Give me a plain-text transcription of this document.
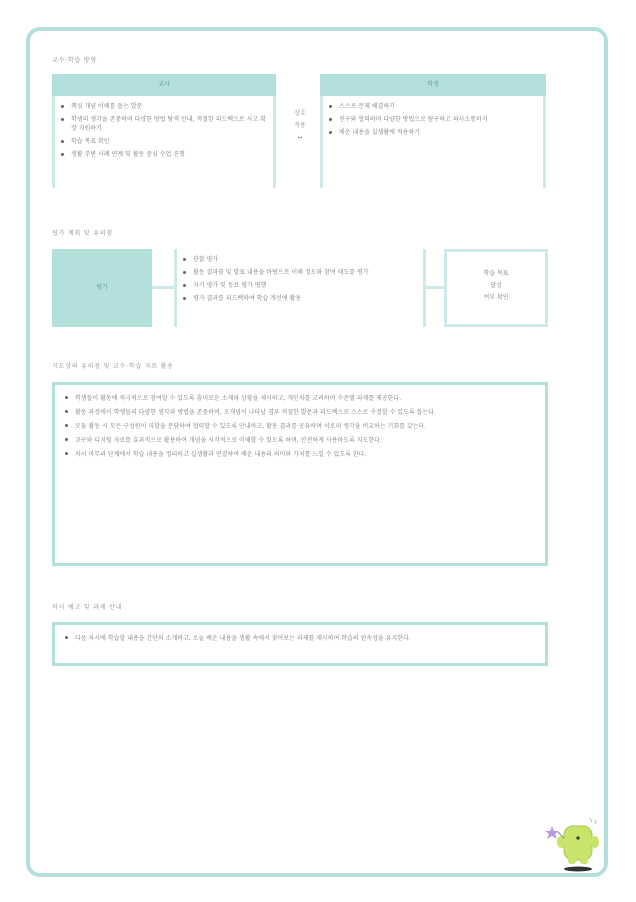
교수·학습 방향
교사
핵심 개념 이해를 돕는 발문
학생의 생각을 존중하며 다양한 방법 탐색 안내, 적절한 피드백으로 사고 확장 지원하기
학습 목표 확인
생활 주변 사례 연계 및 활동 중심 수업 진행
상호
작용
↔
학생
스스로 문제 해결하기
친구와 협력하며 다양한 방법으로 탐구하고 의사소통하기
배운 내용을 실생활에 적용하기
평가 계획 및 유의점
평가
관찰 평가
활동 결과물 및 발표 내용을 바탕으로 이해 정도와 참여 태도를 평가
자기 평가 및 동료 평가 병행
평가 결과를 피드백하여 학습 개선에 활용
학습 목표
달성
여부 확인
지도상의 유의점 및 교수·학습 자료 활용
학생들이 활동에 적극적으로 참여할 수 있도록 흥미로운 소재와 상황을 제시하고, 개인차를 고려하여 수준별 과제를 제공한다.
활동 과정에서 학생들의 다양한 생각과 방법을 존중하며, 오개념이 나타날 경우 적절한 발문과 피드백으로 스스로 수정할 수 있도록 돕는다.
모둠 활동 시 모든 구성원이 역할을 분담하여 협력할 수 있도록 안내하고, 활동 결과를 공유하며 서로의 생각을 비교하는 기회를 갖는다.
교구와 디지털 자료를 효과적으로 활용하여 개념을 시각적으로 이해할 수 있도록 하며, 안전하게 사용하도록 지도한다.
차시 마무리 단계에서 학습 내용을 정리하고 실생활과 연결하여 배운 내용의 의미와 가치를 느낄 수 있도록 한다.
차시 예고 및 과제 안내
다음 차시에 학습할 내용을 간단히 소개하고, 오늘 배운 내용을 생활 속에서 찾아보는 과제를 제시하여 학습의 연속성을 유지한다.
